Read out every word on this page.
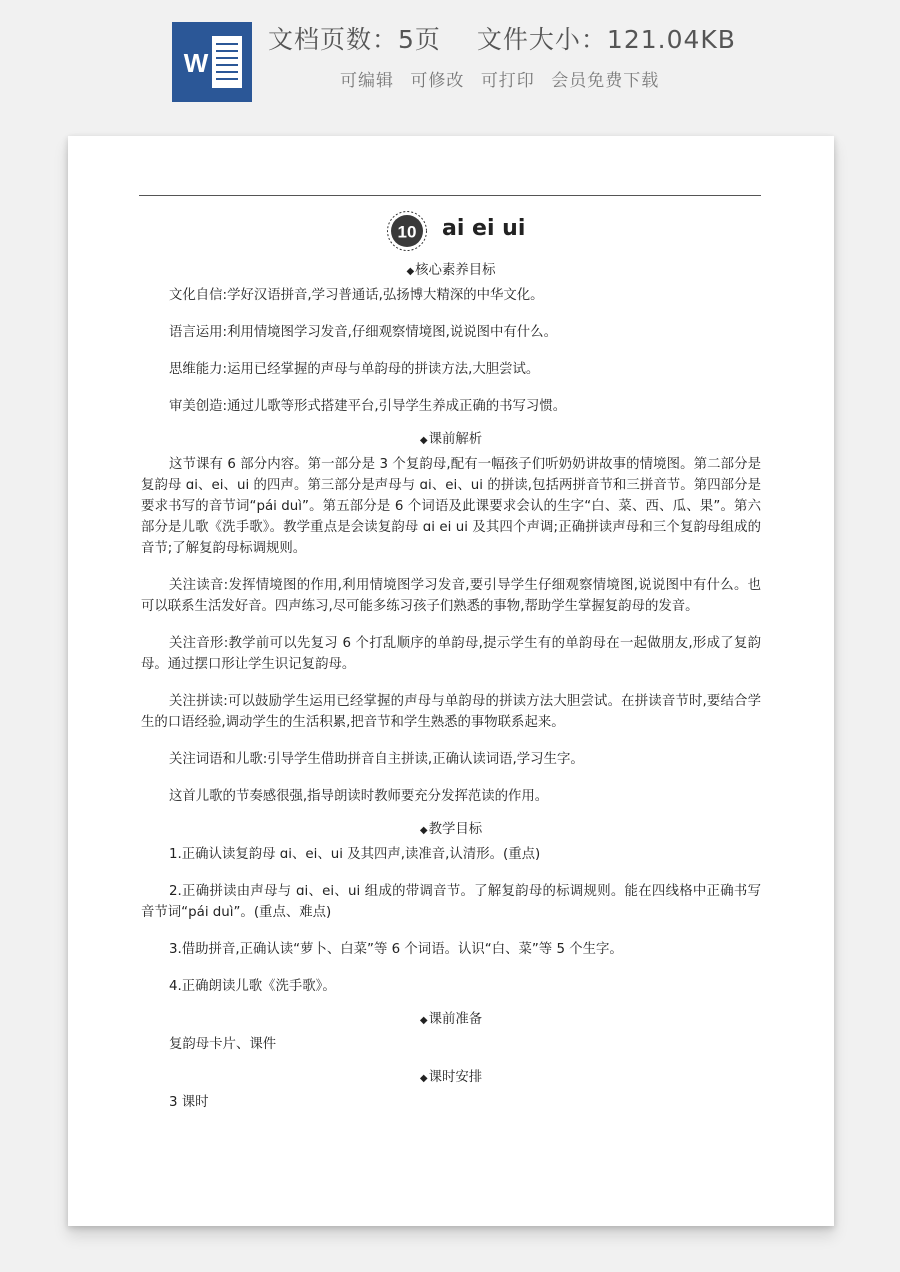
W
文档页数：5页 文件大小：121.04KB
可编辑 可修改 可打印 会员免费下载
10 ai ei ui
◆核心素养目标

文化自信:学好汉语拼音,学习普通话,弘扬博大精深的中华文化。

语言运用:利用情境图学习发音,仔细观察情境图,说说图中有什么。

思维能力:运用已经掌握的声母与单韵母的拼读方法,大胆尝试。

审美创造:通过儿歌等形式搭建平台,引导学生养成正确的书写习惯。

◆课前解析

这节课有 6 部分内容。第一部分是 3 个复韵母,配有一幅孩子们听奶奶讲故事的情境图。第二部分是复韵母 ɑi、ei、ui 的四声。第三部分是声母与 ɑi、ei、ui 的拼读,包括两拼音节和三拼音节。第四部分是要求书写的音节词“pái duì”。第五部分是 6 个词语及此课要求会认的生字“白、菜、西、瓜、果”。第六部分是儿歌《洗手歌》。教学重点是会读复韵母 ɑi ei ui 及其四个声调;正确拼读声母和三个复韵母组成的音节;了解复韵母标调规则。

关注读音:发挥情境图的作用,利用情境图学习发音,要引导学生仔细观察情境图,说说图中有什么。也可以联系生活发好音。四声练习,尽可能多练习孩子们熟悉的事物,帮助学生掌握复韵母的发音。

关注音形:教学前可以先复习 6 个打乱顺序的单韵母,提示学生有的单韵母在一起做朋友,形成了复韵母。通过摆口形让学生识记复韵母。

关注拼读:可以鼓励学生运用已经掌握的声母与单韵母的拼读方法大胆尝试。在拼读音节时,要结合学生的口语经验,调动学生的生活积累,把音节和学生熟悉的事物联系起来。

关注词语和儿歌:引导学生借助拼音自主拼读,正确认读词语,学习生字。

这首儿歌的节奏感很强,指导朗读时教师要充分发挥范读的作用。

◆教学目标

1.正确认读复韵母 ɑi、ei、ui 及其四声,读准音,认清形。(重点)

2.正确拼读由声母与 ɑi、ei、ui 组成的带调音节。了解复韵母的标调规则。能在四线格中正确书写音节词“pái duì”。(重点、难点)

3.借助拼音,正确认读“萝卜、白菜”等 6 个词语。认识“白、菜”等 5 个生字。

4.正确朗读儿歌《洗手歌》。

◆课前准备

复韵母卡片、课件

◆课时安排

3 课时
